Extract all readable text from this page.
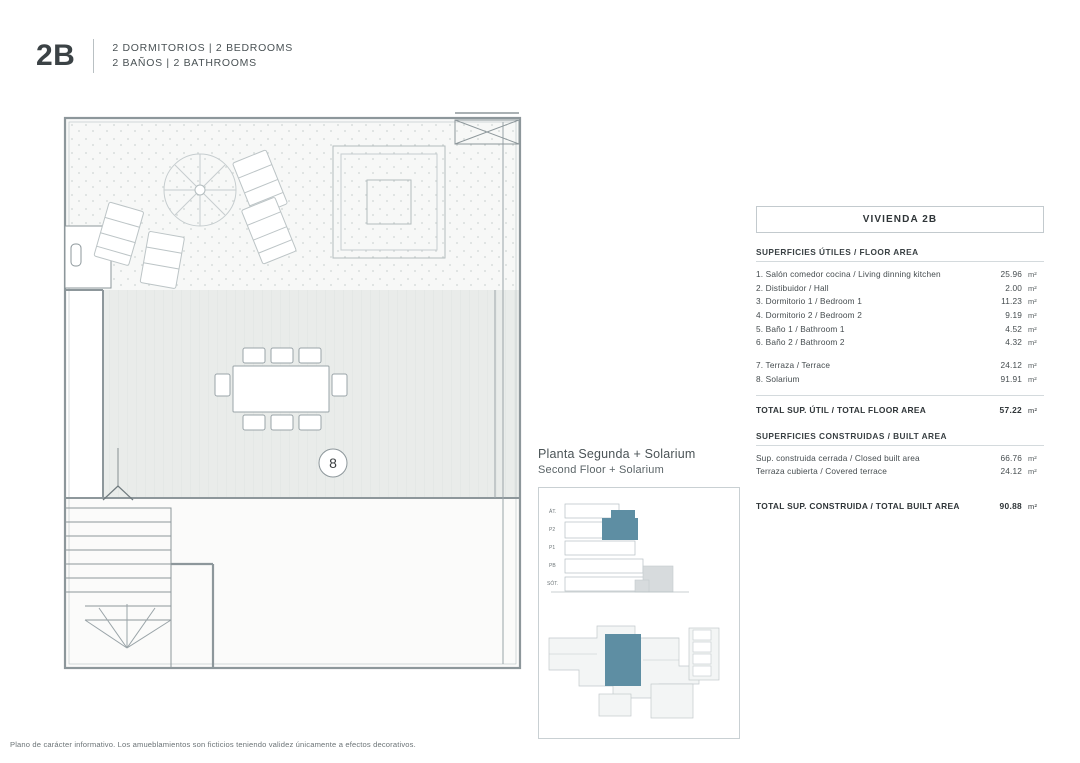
2B	2 DORMITORIOS | 2 BEDROOMS
2 BAÑOS | 2 BATHROOMS
8
Planta Segunda + Solarium
Second Floor + Solarium
ÁT.
P2
P1
PB
SÓT.
VIVIENDA 2B
SUPERFICIES ÚTILES / FLOOR AREA
1. Salón comedor cocina / Living dinning kitchen	25.96 m²
2. Distibuidor / Hall	2.00 m²
3. Dormitorio 1 / Bedroom 1	11.23 m²
4. Dormitorio 2 / Bedroom 2	9.19 m²
5. Baño 1 / Bathroom 1	4.52 m²
6. Baño 2 / Bathroom 2	4.32 m²
7. Terraza / Terrace	24.12 m²
8. Solarium	91.91 m²
TOTAL SUP. ÚTIL / TOTAL FLOOR AREA	57.22 m²
SUPERFICIES CONSTRUIDAS / BUILT AREA
Sup. construida cerrada / Closed built area	66.76 m²
Terraza cubierta / Covered terrace	24.12 m²
TOTAL SUP. CONSTRUIDA / TOTAL BUILT AREA	90.88 m²
Plano de carácter informativo. Los amueblamientos son ficticios teniendo validez únicamente a efectos decorativos.
